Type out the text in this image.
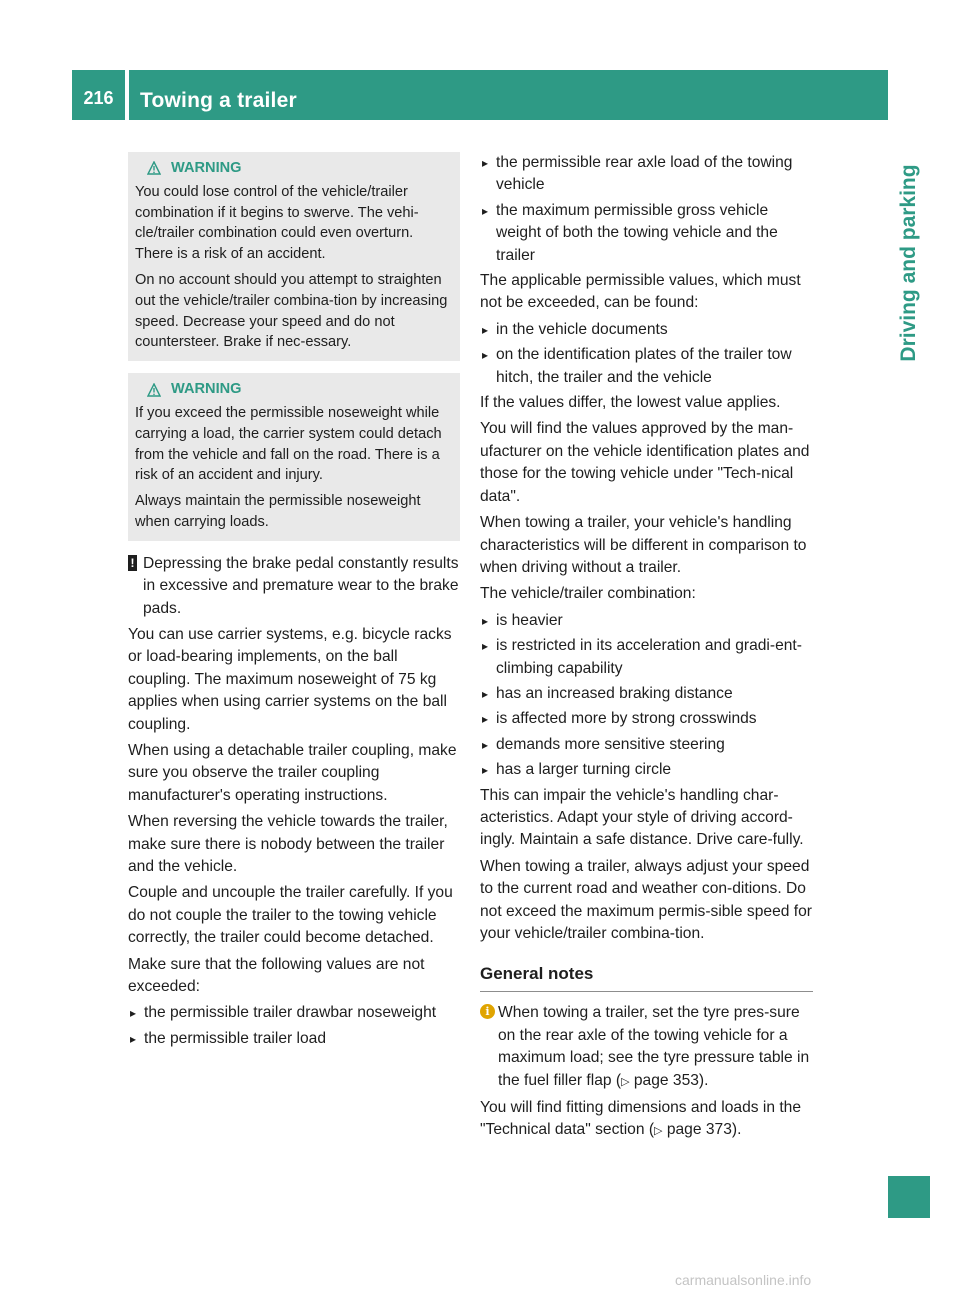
216	Towing a trailer
Driving and parking
WARNING

You could lose control of the vehicle/trailer combination if it begins to swerve. The vehi-cle/trailer combination could even overturn. There is a risk of an accident.

On no account should you attempt to straighten out the vehicle/trailer combina-tion by increasing speed. Decrease your speed and do not countersteer. Brake if nec-essary.

WARNING

If you exceed the permissible noseweight while carrying a load, the carrier system could detach from the vehicle and fall on the road. There is a risk of an accident and injury.

Always maintain the permissible noseweight when carrying loads.

! Depressing the brake pedal constantly results in excessive and premature wear to the brake pads.

You can use carrier systems, e.g. bicycle racks or load-bearing implements, on the ball coupling. The maximum noseweight of 75 kg applies when using carrier systems on the ball coupling.

When using a detachable trailer coupling, make sure you observe the trailer coupling manufacturer's operating instructions.

When reversing the vehicle towards the trailer, make sure there is nobody between the trailer and the vehicle.

Couple and uncouple the trailer carefully. If you do not couple the trailer to the towing vehicle correctly, the trailer could become detached.

Make sure that the following values are not exceeded:

▸ the permissible trailer drawbar noseweight
▸ the permissible trailer load
▸ the permissible rear axle load of the towing vehicle
▸ the maximum permissible gross vehicle weight of both the towing vehicle and the trailer

The applicable permissible values, which must not be exceeded, can be found:

▸ in the vehicle documents
▸ on the identification plates of the trailer tow hitch, the trailer and the vehicle

If the values differ, the lowest value applies.

You will find the values approved by the man-ufacturer on the vehicle identification plates and those for the towing vehicle under "Tech-nical data".

When towing a trailer, your vehicle's handling characteristics will be different in comparison to when driving without a trailer.

The vehicle/trailer combination:

▸ is heavier
▸ is restricted in its acceleration and gradi-ent-climbing capability
▸ has an increased braking distance
▸ is affected more by strong crosswinds
▸ demands more sensitive steering
▸ has a larger turning circle

This can impair the vehicle's handling char-acteristics. Adapt your style of driving accord-ingly. Maintain a safe distance. Drive care-fully.

When towing a trailer, always adjust your speed to the current road and weather con-ditions. Do not exceed the maximum permis-sible speed for your vehicle/trailer combina-tion.

General notes
i When towing a trailer, set the tyre pres-sure on the rear axle of the towing vehicle for a maximum load; see the tyre pressure table in the fuel filler flap (▷ page 353).

You will find fitting dimensions and loads in the "Technical data" section (▷ page 373).

carmanualsonline.info
